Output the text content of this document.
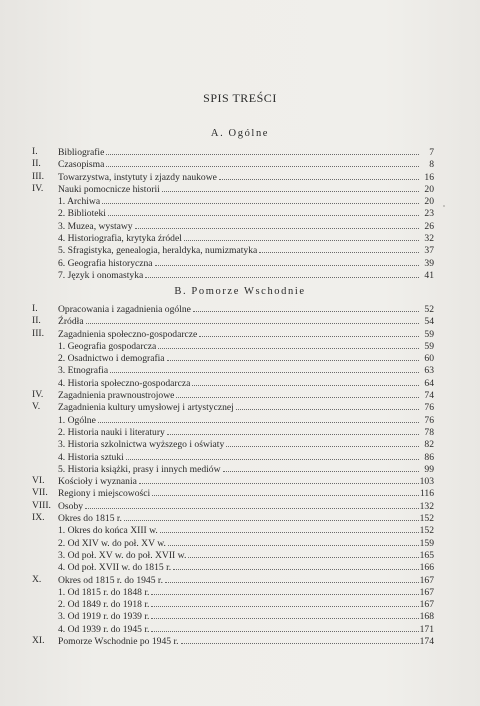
SPIS TREŚCI
A. Ogólne
I.	Bibliografie	7
II.	Czasopisma	8
III.	Towarzystwa, instytuty i zjazdy naukowe	16
IV.	Nauki pomocnicze historii	20
1. Archiwa	20
2. Biblioteki	23
3. Muzea, wystawy	26
4. Historiografia, krytyka źródel	32
5. Sfragistyka, genealogia, heraldyka, numizmatyka	37
6. Geografia historyczna	39
7. Język i onomastyka	41
B. Pomorze Wschodnie
I.	Opracowania i zagadnienia ogólne	52
II.	Źródła	54
III.	Zagadnienia społeczno-gospodarcze	59
1. Geografia gospodarcza	59
2. Osadnictwo i demografia	60
3. Etnografia	63
4. Historia społeczno-gospodarcza	64
IV.	Zagadnienia prawnoustrojowe	74
V.	Zagadnienia kultury umysłowej i artystycznej	76
1. Ogólne	76
2. Historia nauki i literatury	78
3. Historia szkolnictwa wyższego i oświaty	82
4. Historia sztuki	86
5. Historia książki, prasy i innych mediów	99
VI.	Kościoły i wyznania	103
VII.	Regiony i miejscowości	116
VIII. Osoby	132
IX.	Okres do 1815 r.	152
1. Okres do końca XIII w.	152
2. Od XIV w. do poł. XV w.	159
3. Od poł. XV w. do poł. XVII w.	165
4. Od poł. XVII w. do 1815 r.	166
X.	Okres od 1815 r. do 1945 r.	167
1. Od 1815 r. do 1848 r.	167
2. Od 1849 r. do 1918 r.	167
3. Od 1919 r. do 1939 r.	168
4. Od 1939 r. do 1945 r.	171
XI.	Pomorze Wschodnie po 1945 r.	174
